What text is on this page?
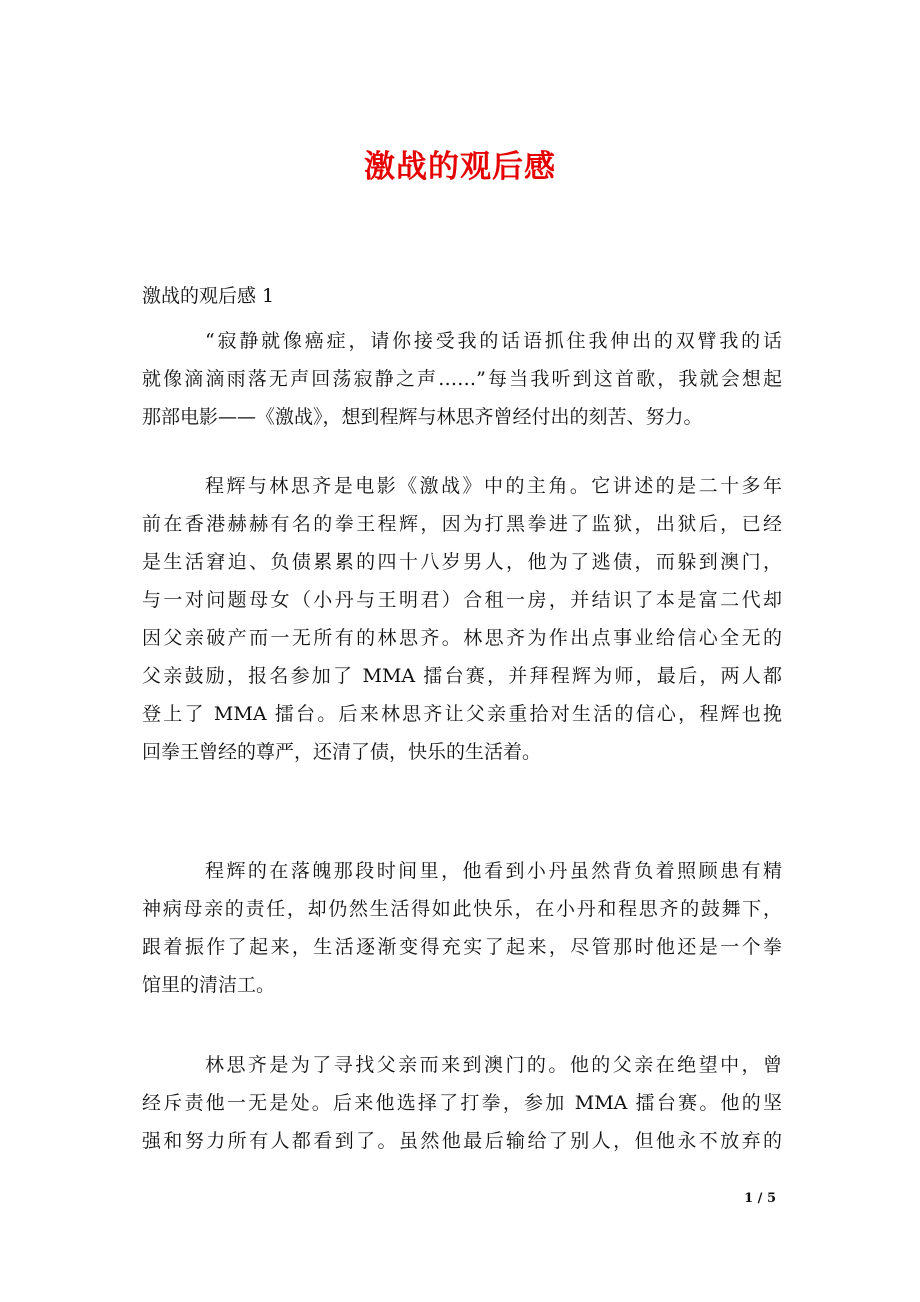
激战的观后感
激战的观后感 1
“寂静就像癌症，请你接受我的话语抓住我伸出的双臂我的话
就像滴滴雨落无声回荡寂静之声……”每当我听到这首歌，我就会想起
那部电影——《激战》，想到程辉与林思齐曾经付出的刻苦、努力。
程辉与林思齐是电影《激战》中的主角。它讲述的是二十多年
前在香港赫赫有名的拳王程辉，因为打黑拳进了监狱，出狱后，已经
是生活窘迫、负债累累的四十八岁男人，他为了逃债，而躲到澳门，
与一对问题母女（小丹与王明君）合租一房，并结识了本是富二代却
因父亲破产而一无所有的林思齐。林思齐为作出点事业给信心全无的
父亲鼓励，报名参加了 MMA 擂台赛，并拜程辉为师，最后，两人都
登上了 MMA 擂台。后来林思齐让父亲重拾对生活的信心，程辉也挽
回拳王曾经的尊严，还清了债，快乐的生活着。
程辉的在落魄那段时间里，他看到小丹虽然背负着照顾患有精
神病母亲的责任，却仍然生活得如此快乐，在小丹和程思齐的鼓舞下，
跟着振作了起来，生活逐渐变得充实了起来，尽管那时他还是一个拳
馆里的清洁工。
林思齐是为了寻找父亲而来到澳门的。他的父亲在绝望中，曾
经斥责他一无是处。后来他选择了打拳，参加 MMA 擂台赛。他的坚
强和努力所有人都看到了。虽然他最后输给了别人，但他永不放弃的
1 / 5
